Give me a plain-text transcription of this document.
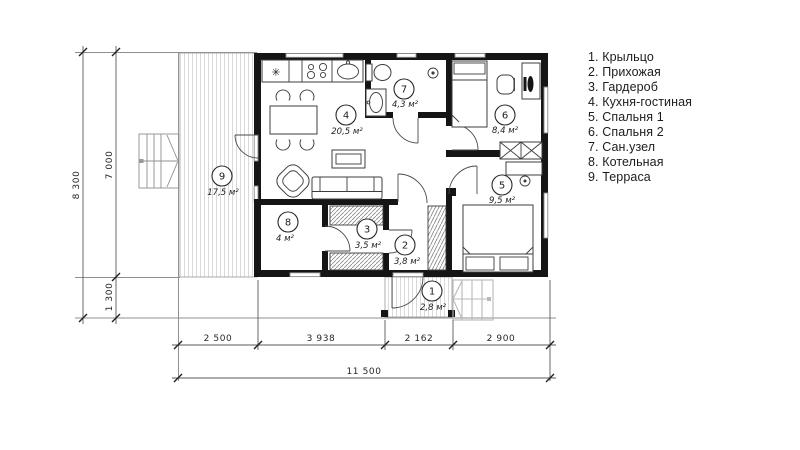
✳
9
17,5 м²
4
20,5 м²
7
4,3 м²
6
8,4 м²
5
9,5 м²
8
4 м²
3
3,5 м² 2
3,8 м²
1
2,8 м²
2 500	3 938	2 162	2 900
11 500
8 300
7 000
1 300
1. Крыльцо
2. Прихожая
3. Гардероб
4. Кухня-гостиная
5. Спальня 1
6. Спальня 2
7. Сан.узел
8. Котельная
9. Терраса
